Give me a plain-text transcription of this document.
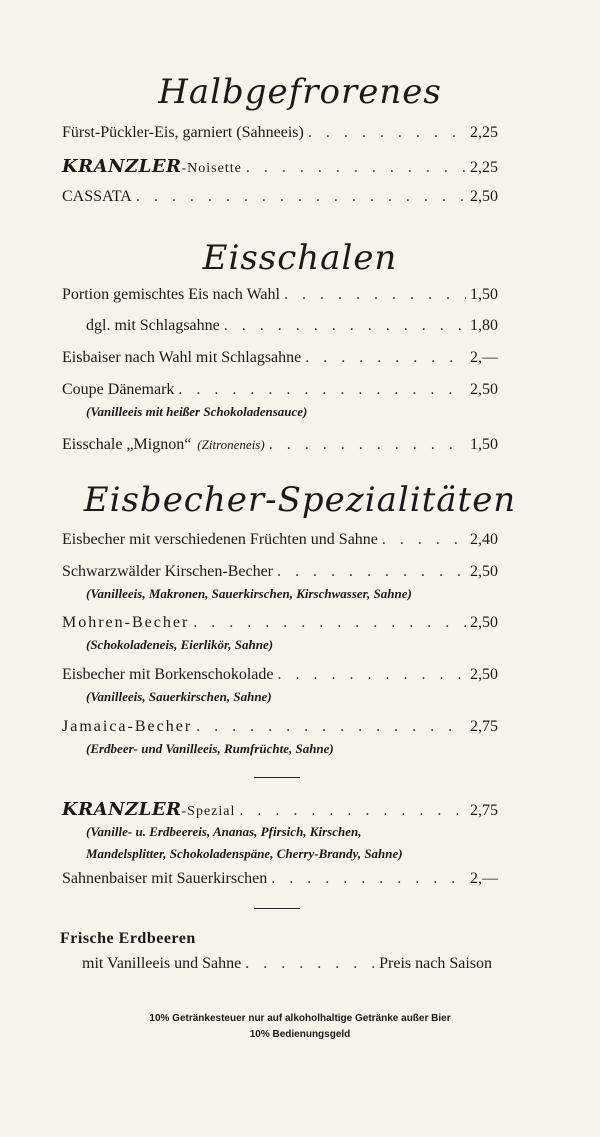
Halbgefrorenes
Fürst-Pückler-Eis, garniert (Sahneeis) . . .	2,25
KRANZLER -Noisette . . .	2,25
CASSATA . . .	2,50
Eisschalen
Portion gemischtes Eis nach Wahl . . .	1,50
dgl. mit Schlagsahne . . .	1,80
Eisbaiser nach Wahl mit Schlagsahne . . .	2,—
Coupe Dänemark . . .	2,50
(Vanilleeis mit heißer Schokoladensauce)
Eisschale „Mignon“ (Zitroneneis) . . .	1,50
Eisbecher-Spezialitäten
Eisbecher mit verschiedenen Früchten und Sahne . . .	2,40
Schwarzwälder Kirschen-Becher . . .	2,50
(Vanilleeis, Makronen, Sauerkirschen, Kirschwasser, Sahne)
Mohren-Becher . . .	2,50
(Schokoladeneis, Eierlikör, Sahne)
Eisbecher mit Borkenschokolade . . .	2,50
(Vanilleeis, Sauerkirschen, Sahne)
Jamaica-Becher . . .	2,75
(Erdbeer- und Vanilleeis, Rumfrüchte, Sahne)
KRANZLER -Spezial . . .	2,75
(Vanille- u. Erdbeereis, Ananas, Pfirsich, Kirschen,
Mandelsplitter, Schokoladenspäne, Cherry-Brandy, Sahne)
Sahnenbaiser mit Sauerkirschen . . .	2,—
Frische Erdbeeren
mit Vanilleeis und Sahne . . .	Preis nach Saison
10% Getränkesteuer nur auf alkoholhaltige Getränke außer Bier
10% Bedienungsgeld
